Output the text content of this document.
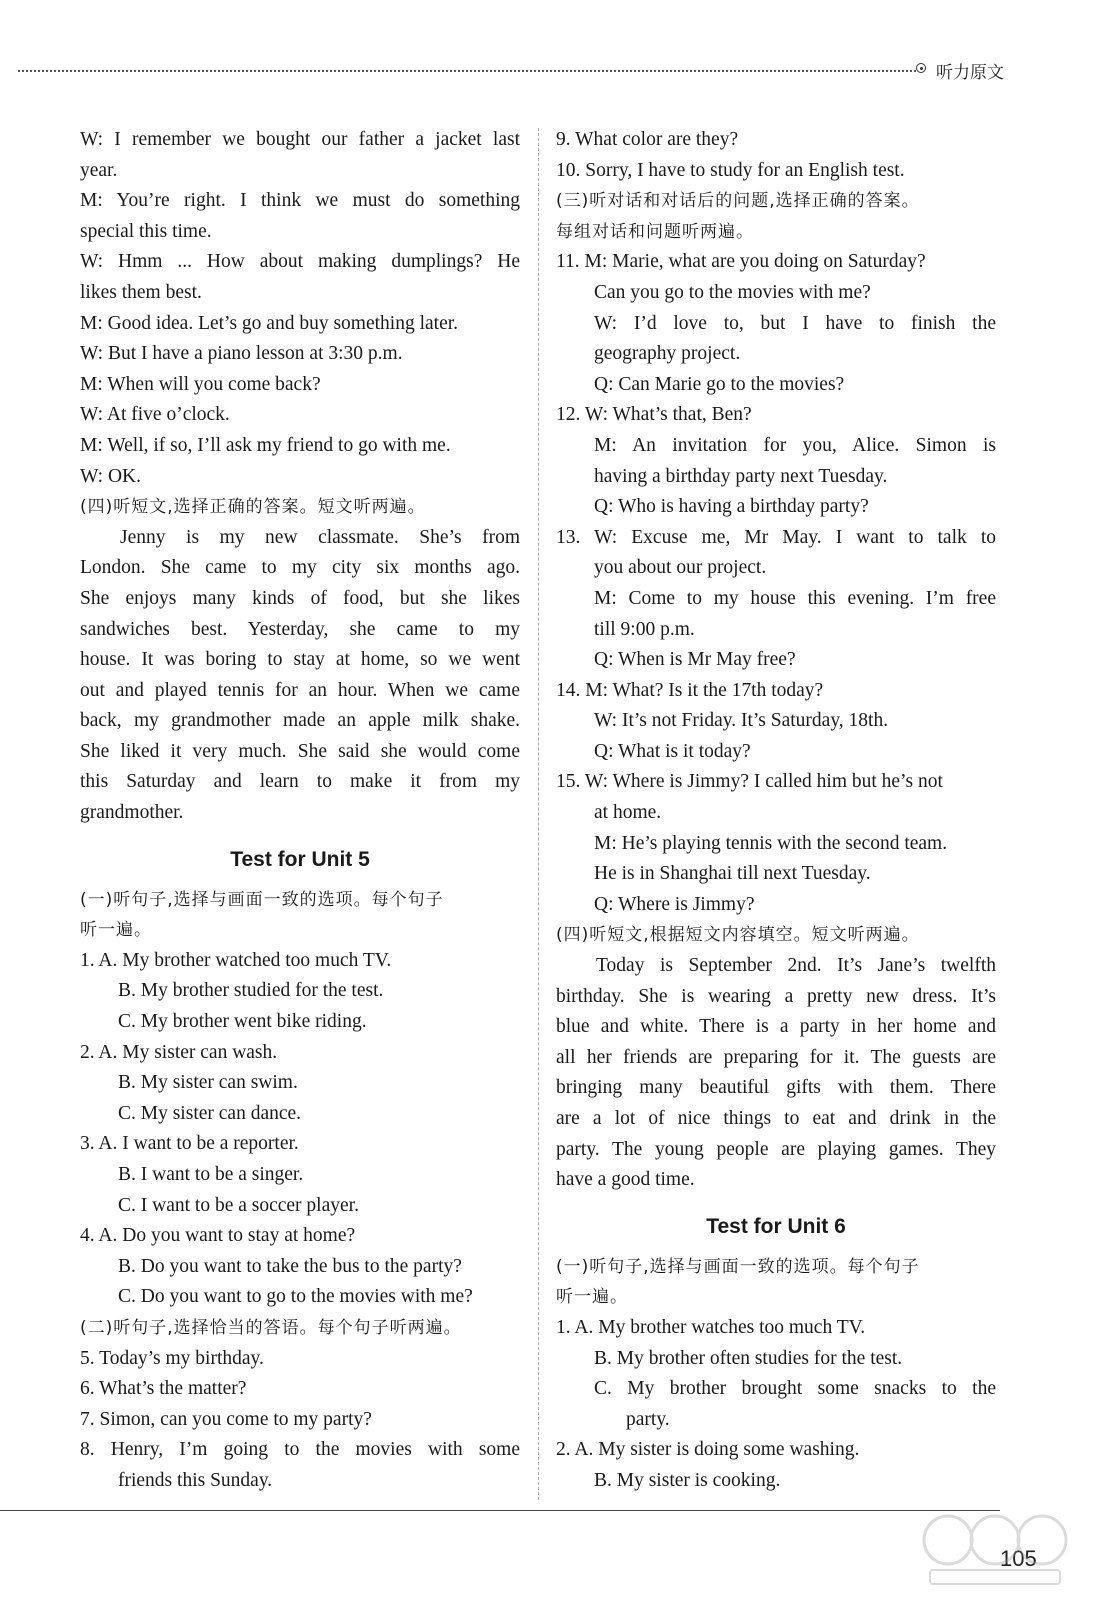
听力原文
W: I remember we bought our father a jacket last
year.
M: You’re right. I think we must do something
special this time.
W: Hmm ... How about making dumplings? He
likes them best.
M: Good idea. Let’s go and buy something later.
W: But I have a piano lesson at 3:30 p.m.
M: When will you come back?
W: At five o’clock.
M: Well, if so, I’ll ask my friend to go with me.
W: OK.
(四)听短文,选择正确的答案。短文听两遍。
Jenny is my new classmate. She’s from
London. She came to my city six months ago.
She enjoys many kinds of food, but she likes
sandwiches best. Yesterday, she came to my
house. It was boring to stay at home, so we went
out and played tennis for an hour. When we came
back, my grandmother made an apple milk shake.
She liked it very much. She said she would come
this Saturday and learn to make it from my
grandmother.
Test for Unit 5
(一)听句子,选择与画面一致的选项。每个句子
听一遍。
1. A. My brother watched too much TV.
B. My brother studied for the test.
C. My brother went bike riding.
2. A. My sister can wash.
B. My sister can swim.
C. My sister can dance.
3. A. I want to be a reporter.
B. I want to be a singer.
C. I want to be a soccer player.
4. A. Do you want to stay at home?
B. Do you want to take the bus to the party?
C. Do you want to go to the movies with me?
(二)听句子,选择恰当的答语。每个句子听两遍。
5. Today’s my birthday.
6. What’s the matter?
7. Simon, can you come to my party?
8. Henry, I’m going to the movies with some
friends this Sunday.
9. What color are they?
10. Sorry, I have to study for an English test.
(三)听对话和对话后的问题,选择正确的答案。
每组对话和问题听两遍。
11. M: Marie, what are you doing on Saturday?
Can you go to the movies with me?
W: I’d love to, but I have to finish the
geography project.
Q: Can Marie go to the movies?
12. W: What’s that, Ben?
M: An invitation for you, Alice. Simon is
having a birthday party next Tuesday.
Q: Who is having a birthday party?
13. W: Excuse me, Mr May. I want to talk to
you about our project.
M: Come to my house this evening. I’m free
till 9:00 p.m.
Q: When is Mr May free?
14. M: What? Is it the 17th today?
W: It’s not Friday. It’s Saturday, 18th.
Q: What is it today?
15. W: Where is Jimmy? I called him but he’s not
at home.
M: He’s playing tennis with the second team.
He is in Shanghai till next Tuesday.
Q: Where is Jimmy?
(四)听短文,根据短文内容填空。短文听两遍。
Today is September 2nd. It’s Jane’s twelfth
birthday. She is wearing a pretty new dress. It’s
blue and white. There is a party in her home and
all her friends are preparing for it. The guests are
bringing many beautiful gifts with them. There
are a lot of nice things to eat and drink in the
party. The young people are playing games. They
have a good time.
Test for Unit 6
(一)听句子,选择与画面一致的选项。每个句子
听一遍。
1. A. My brother watches too much TV.
B. My brother often studies for the test.
C. My brother brought some snacks to the
party.
2. A. My sister is doing some washing.
B. My sister is cooking.
105
